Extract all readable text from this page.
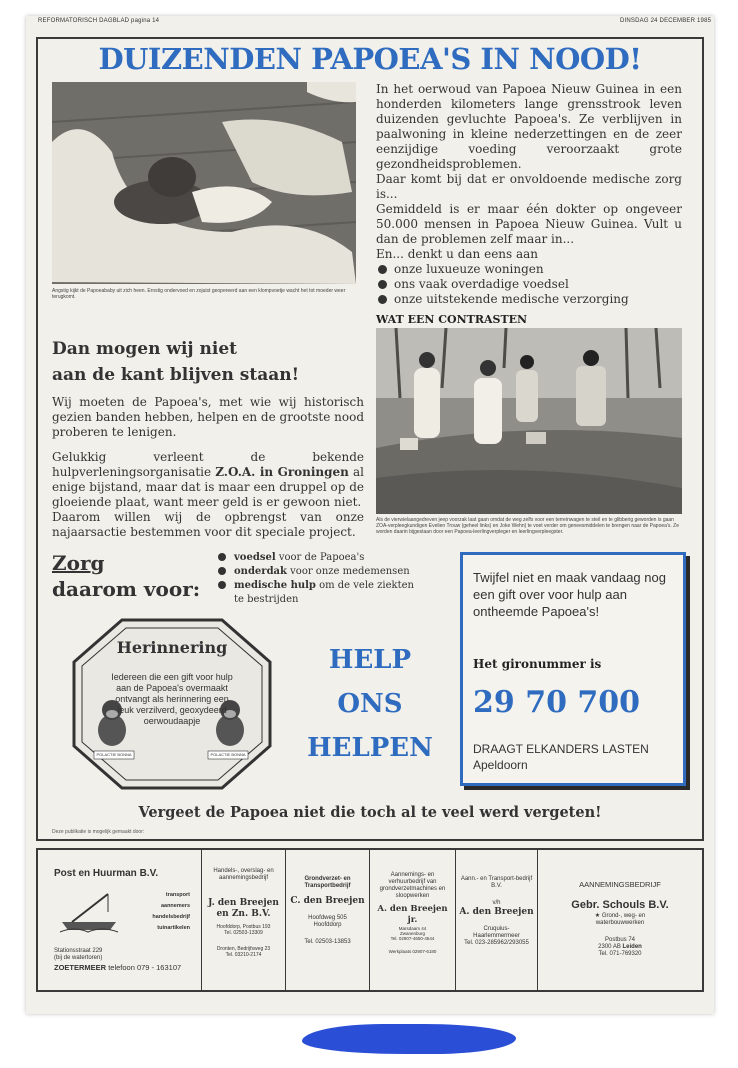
REFORMATORISCH DAGBLAD pagina 14	DINSDAG 24 DECEMBER 1985
DUIZENDEN PAPOEA'S IN NOOD!
Angstig kijkt de Papoeababy uit zich heen. Ernstig ondervoed en zojuist geopereerd aan een klompvoetje wacht het tot moeder weer terugkomt.

In het oerwoud van Papoea Nieuw Guinea in een honderden kilometers lange grensstrook leven duizenden gevluchte Papoea's. Ze verblijven in paalwoning in kleine nederzettingen en de zeer eenzijdige voeding veroorzaakt grote gezondheidsproblemen.

Daar komt bij dat er onvoldoende medische zorg is...

Gemiddeld is er maar één dokter op ongeveer 50.000 mensen in Papoea Nieuw Guinea. Vult u dan de problemen zelf maar in...

En... denkt u dan eens aan

onze luxueuze woningen
ons vaak overdadige voedsel
onze uitstekende medische verzorging
WAT EEN CONTRASTEN
Als de vierwielaangedreven jeep voorzak laat gaan omdat de weg zelfs voor een terreinwagen te steil en te glibberig geworden is gaan ZOA-verpleegkundigen Evelien Trouw (geheel links) en Joke Wehn) te voet verder om geneesmiddelen te brengen naar de Papoea's. Ze worden daarin bijgestaan door een Papoea-leerlingverpleger en leerlingverpleegster.
Dan mogen wij niet
aan de kant blijven staan!

Wij moeten de Papoea's, met wie wij historisch gezien banden hebben, helpen en de grootste nood proberen te lenigen.

Gelukkig verleent de bekende hulpverleningsorganisatie Z.O.A. in Groningen al enige bijstand, maar dat is maar een druppel op de gloeiende plaat, want meer geld is er gewoon niet.

Daarom willen wij de opbrengst van onze najaarsactie bestemmen voor dit speciale project.

Zorg
daarom voor:
voedsel voor de Papoea's
onderdak voor onze medemensen
medische hulp om de vele ziekten te bestrijden
Herinnering
Iedereen die een gift voor hulp aan de Papoea's overmaakt ontvangt als herinnering een leuk verzilverd, geoxydeerd oerwoudaapje
POLACTIE BONNA	POLACTIE BONNA
HELP
ONS
HELPEN
Twijfel niet en maak vandaag nog een gift over voor hulp aan ontheemde Papoea's!
Het gironummer is
29 70 700
DRAAGT ELKANDERS LASTEN
Apeldoorn
Vergeet de Papoea niet die toch al te veel werd vergeten!
Deze publikatie is mogelijk gemaakt door:
Post en Huurman B.V.
transport
aannemers
handelsbedrijf
tuinartikelen
Stationsstraat 229
(bij de watertoren)
ZOETERMEER telefoon 079 - 163107
Handels-, overslag- en aannemingsbedrijf
J. den Breejen en Zn. B.V.
Hoofddorp, Postbus 193
Tel. 02503-13309
Dronten, Bedrijfsweg 23
Tel. 03210-2174
Grondverzet- en Transportbedrijf
C. den Breejen
Hoofdweg 505
Hoofddorp
Tel. 02503-13853
Aannemings- en verhuurbedrijf van grondverzetmachines en sloopwerken
A. den Breejen jr.
Marsdaam 44
Zwanenburg
Tel. 02907-4650-4544
Werkplaats 02907-6180
Aann.- en Transport-bedrijf B.V.
v/h
A. den Breejen
Cruquius-
Haarlemmermeer
Tel. 023-285962/293055
AANNEMINGSBEDRIJF
Gebr. Schouls B.V.
★ Grond-, weg- en waterbouwwerken
Postbus 74
2300 AB Leiden
Tel. 071-769320
